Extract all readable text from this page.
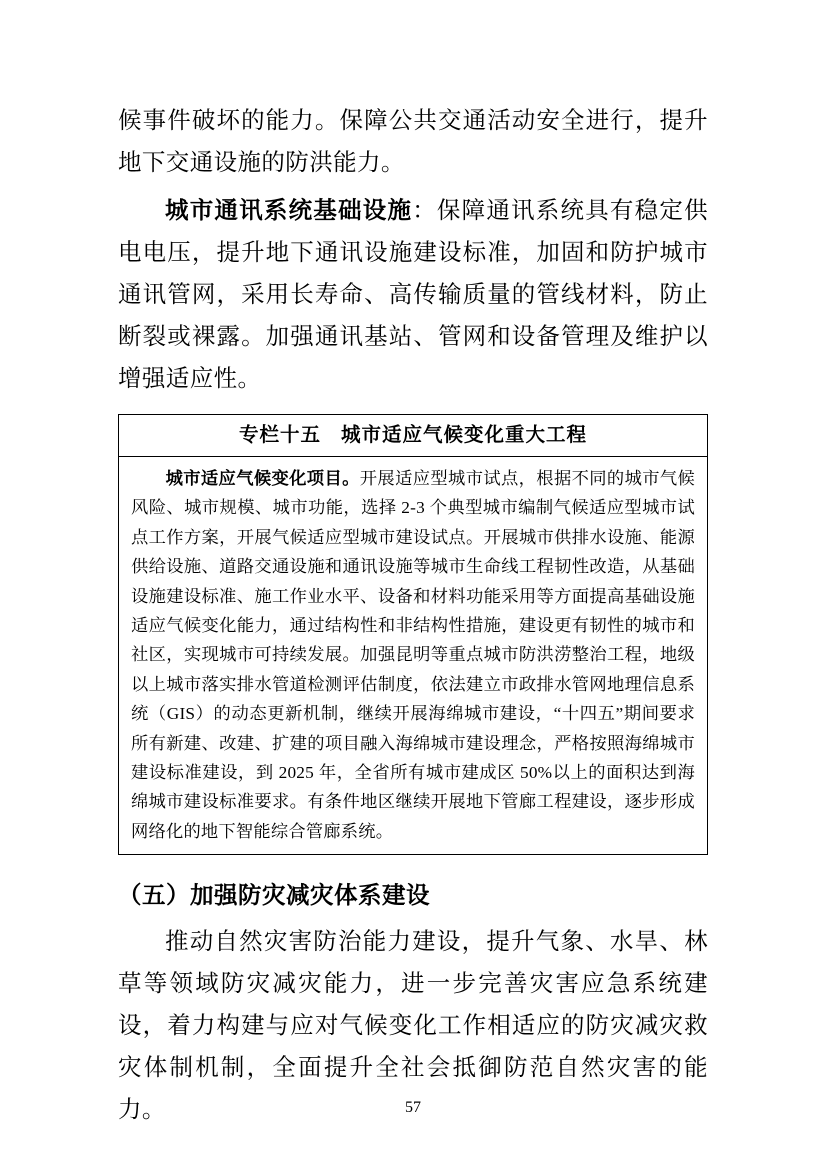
候事件破坏的能力。保障公共交通活动安全进行，提升地下交通设施的防洪能力。

城市通讯系统基础设施：保障通讯系统具有稳定供电电压，提升地下通讯设施建设标准，加固和防护城市通讯管网，采用长寿命、高传输质量的管线材料，防止断裂或裸露。加强通讯基站、管网和设备管理及维护以增强适应性。

专栏十五 城市适应气候变化重大工程
城市适应气候变化项目。开展适应型城市试点，根据不同的城市气候风险、城市规模、城市功能，选择 2-3 个典型城市编制气候适应型城市试点工作方案，开展气候适应型城市建设试点。开展城市供排水设施、能源供给设施、道路交通设施和通讯设施等城市生命线工程韧性改造，从基础设施建设标准、施工作业水平、设备和材料功能采用等方面提高基础设施适应气候变化能力，通过结构性和非结构性措施，建设更有韧性的城市和社区，实现城市可持续发展。加强昆明等重点城市防洪涝整治工程，地级以上城市落实排水管道检测评估制度，依法建立市政排水管网地理信息系统（GIS）的动态更新机制，继续开展海绵城市建设，“十四五”期间要求所有新建、改建、扩建的项目融入海绵城市建设理念，严格按照海绵城市建设标准建设，到 2025 年，全省所有城市建成区 50%以上的面积达到海绵城市建设标准要求。有条件地区继续开展地下管廊工程建设，逐步形成网络化的地下智能综合管廊系统。
（五）加强防灾减灾体系建设

推动自然灾害防治能力建设，提升气象、水旱、林草等领域防灾减灾能力，进一步完善灾害应急系统建设，着力构建与应对气候变化工作相适应的防灾减灾救灾体制机制，全面提升全社会抵御防范自然灾害的能力。	57
